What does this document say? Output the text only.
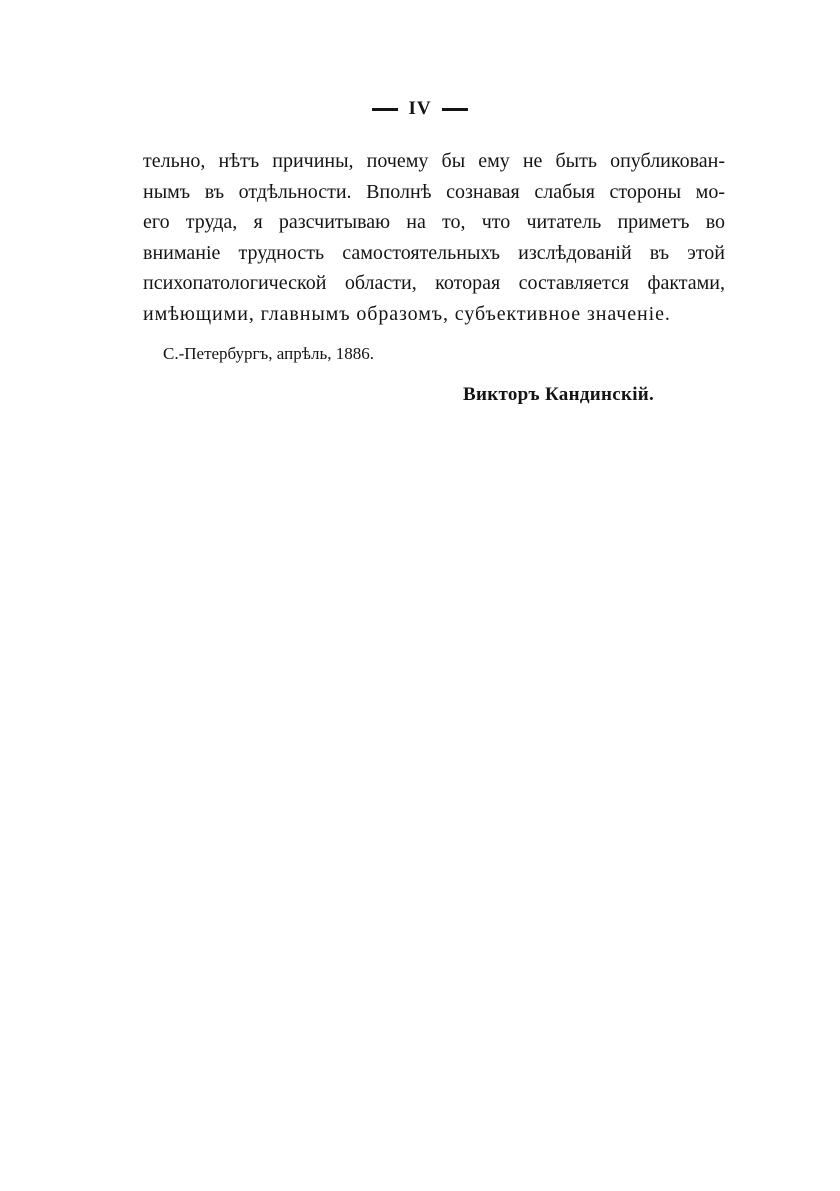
IV
тельно, нѣтъ причины, почему бы ему не быть опубликован-
нымъ въ отдѣльности. Вполнѣ сознавая слабыя стороны мо-
его труда, я разсчитываю на то, что читатель приметъ во
вниманіе трудность самостоятельныхъ изслѣдованій въ этой
психопатологической области, которая составляется фактами,
имѣющими, главнымъ образомъ, субъективное значеніе.
С.-Петербургъ, апрѣль, 1886.
Викторъ Кандинскій.
